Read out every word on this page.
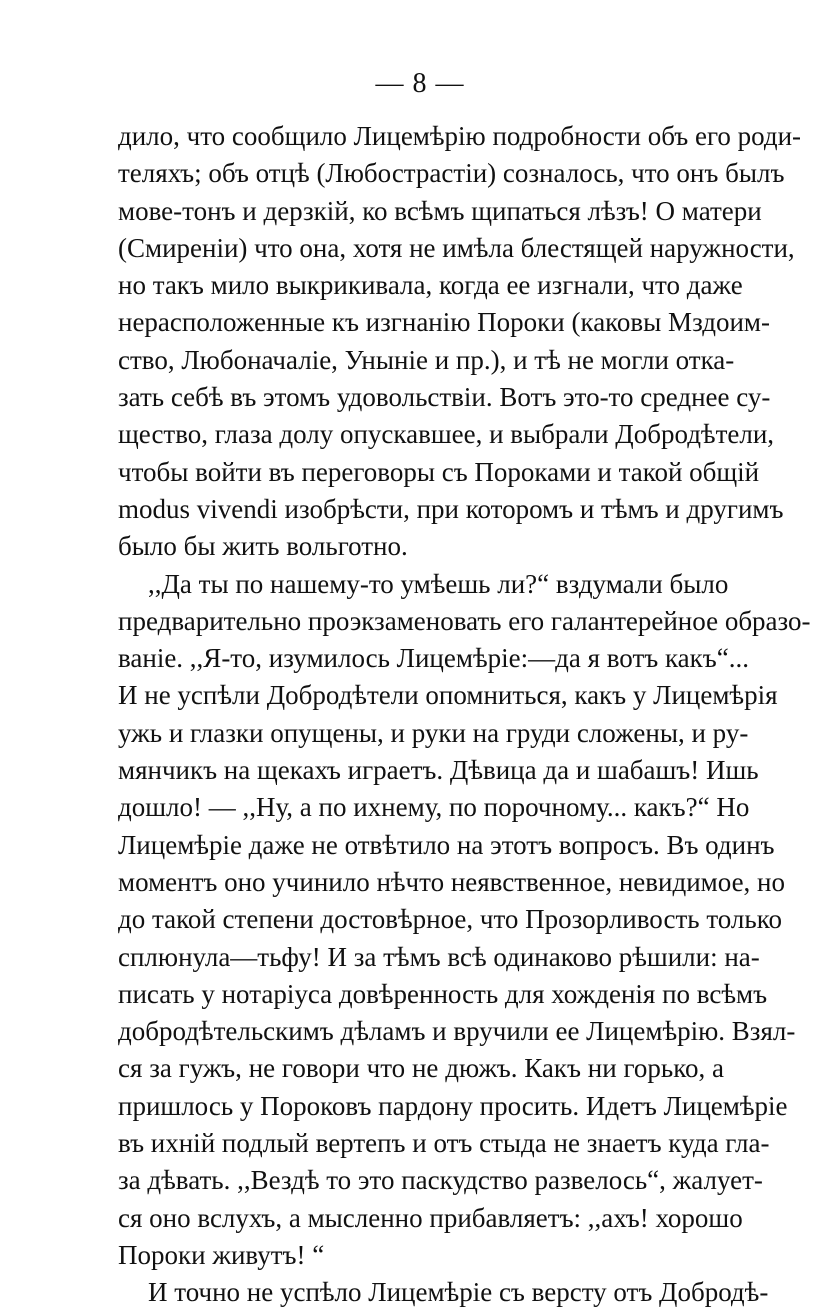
— 8 —
дило, что сообщило Лицемѣрію подробности объ его роди-
теляхъ; объ отцѣ (Любострастіи) созналось, что онъ былъ
мове-тонъ и дерзкій, ко всѣмъ щипаться лѣзъ! О матери
(Смиреніи) что она, хотя не имѣла блестящей наружности,
но такъ мило выкрикивала, когда ее изгнали, что даже
нерасположенные къ изгнанію Пороки (каковы Мздоим-
ство, Любоначаліе, Уныніе и пр.), и тѣ не могли отка-
зать себѣ въ этомъ удовольствіи. Вотъ это-то среднее су-
щество, глаза долу опускавшее, и выбрали Добродѣтели,
чтобы войти въ переговоры съ Пороками и такой общій
modus vivendi изобрѣсти, при которомъ и тѣмъ и другимъ
было бы жить вольготно.
,,Да ты по нашему-то умѣешь ли?“ вздумали было
предварительно проэкзаменовать его галантерейное образо-
ваніе. ,,Я-то, изумилось Лицемѣріе:—да я вотъ какъ“...
И не успѣли Добродѣтели опомниться, какъ у Лицемѣрія
ужь и глазки опущены, и руки на груди сложены, и ру-
мянчикъ на щекахъ играетъ. Дѣвица да и шабашъ! Ишь
дошло! — ,,Ну, а по ихнему, по порочному... какъ?“ Но
Лицемѣріе даже не отвѣтило на этотъ вопросъ. Въ одинъ
моментъ оно учинило нѣчто неявственное, невидимое, но
до такой степени достовѣрное, что Прозорливость только
сплюнула—тьфу! И за тѣмъ всѣ одинаково рѣшили: на-
писать у нотаріуса довѣренность для хожденія по всѣмъ
добродѣтельскимъ дѣламъ и вручили ее Лицемѣрію. Взял-
ся за гужъ, не говори что не дюжъ. Какъ ни горько, а
пришлось у Пороковъ пардону просить. Идетъ Лицемѣріе
въ ихній подлый вертепъ и отъ стыда не знаетъ куда гла-
за дѣвать. ,,Вездѣ то это паскудство развелось“, жалует-
ся оно вслухъ, а мысленно прибавляетъ: ,,ахъ! хорошо
Пороки живутъ! “
И точно не успѣло Лицемѣріе съ версту отъ Добродѣ-
